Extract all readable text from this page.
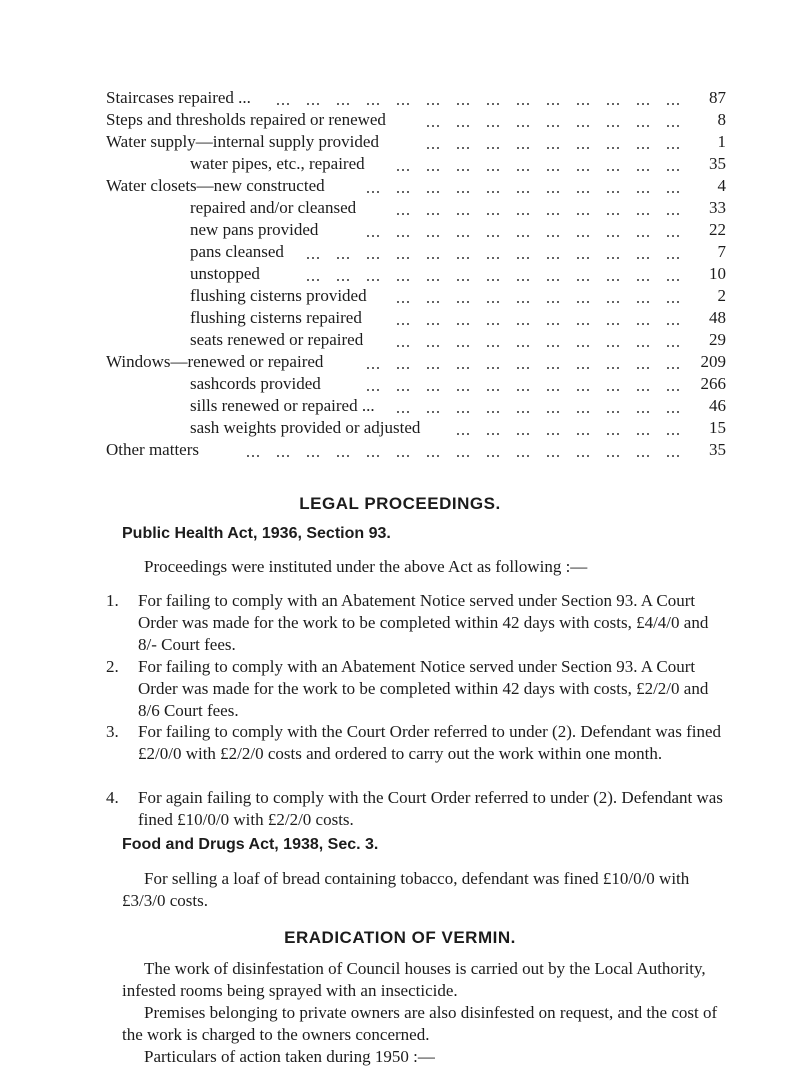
Staircases repaired ...	87
Steps and thresholds repaired or renewed	8
Water supply—internal supply provided	1
water pipes, etc., repaired	35
Water closets—new constructed	4
repaired and/or cleansed	33
new pans provided	22
pans cleansed	7
unstopped	10
flushing cisterns provided	2
flushing cisterns repaired	48
seats renewed or repaired	29
Windows—renewed or repaired	209
sashcords provided	266
sills renewed or repaired ...	46
sash weights provided or adjusted	15
Other matters	35
LEGAL PROCEEDINGS.
Public Health Act, 1936, Section 93.
Proceedings were instituted under the above Act as following :—
1. For failing to comply with an Abatement Notice served under Section 93. A Court Order was made for the work to be completed within 42 days with costs, £4/4/0 and 8/- Court fees.
2. For failing to comply with an Abatement Notice served under Section 93. A Court Order was made for the work to be completed within 42 days with costs, £2/2/0 and 8/6 Court fees.
3. For failing to comply with the Court Order referred to under (2). Defendant was fined £2/0/0 with £2/2/0 costs and ordered to carry out the work within one month.
4. For again failing to comply with the Court Order referred to under (2). Defendant was fined £10/0/0 with £2/2/0 costs.
Food and Drugs Act, 1938, Sec. 3.
For selling a loaf of bread containing tobacco, defendant was fined £10/0/0 with £3/3/0 costs.
ERADICATION OF VERMIN.
The work of disinfestation of Council houses is carried out by the Local Authority, infested rooms being sprayed with an insecticide.
Premises belonging to private owners are also disinfested on request, and the cost of the work is charged to the owners concerned.
Particulars of action taken during 1950 :—
